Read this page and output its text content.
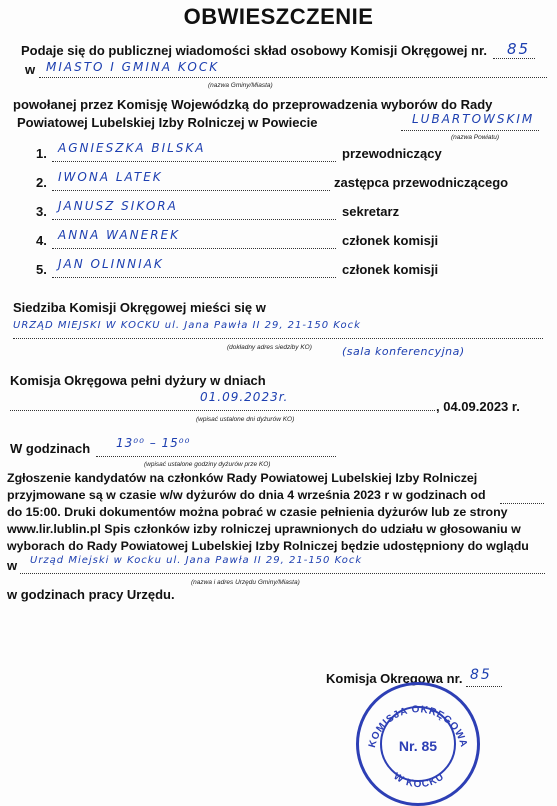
OBWIESZCZENIE
Podaje się do publicznej wiadomości skład osobowy Komisji Okręgowej nr. 85
w MIASTO I GMINA KOCK
(nazwa Gminy/Miasta)
powołanej przez Komisję Wojewódzką do przeprowadzenia wyborów do Rady
Powiatowej Lubelskiej Izby Rolniczej w Powiecie	LUBARTOWSKIM
(nazwa Powiatu)
1. AGNIESZKA BILSKA	przewodniczący
2. IWONA LATEK	zastępca przewodniczącego
3. JANUSZ SIKORA	sekretarz
4. ANNA WANEREK	członek komisji
5. JAN OLINNIAK	członek komisji
Siedziba Komisji Okręgowej mieści się w
URZĄD MIEJSKI W KOCKU ul. Jana Pawła II 29, 21-150 Kock
(dokładny adres siedziby KO)	(sala konferencyjna)
Komisja Okręgowa pełni dyżury w dniach
01.09.2023r.
, 04.09.2023 r.
(wpisać ustalone dni dyżurów KO)
W godzinach 13⁰⁰ – 15⁰⁰
(wpisać ustalone godziny dyżurów prze KO)
Zgłoszenie kandydatów na członków Rady Powiatowej Lubelskiej Izby Rolniczej
przyjmowane są w czasie w/w dyżurów do dnia 4 września 2023 r w godzinach od
do 15:00. Druki dokumentów można pobrać w czasie pełnienia dyżurów lub ze strony
www.lir.lublin.pl Spis członków izby rolniczej uprawnionych do udziału w głosowaniu w
wyborach do Rady Powiatowej Lubelskiej Izby Rolniczej będzie udostępniony do wglądu
w Urząd Miejski w Kocku ul. Jana Pawła II 29, 21-150 Kock
(nazwa i adres Urzędu Gminy/Miasta)
w godzinach pracy Urzędu.
Komisja Okręgowa nr. 85
KOMISJA OKRĘGOWA
W KOCKU
Nr. 85
